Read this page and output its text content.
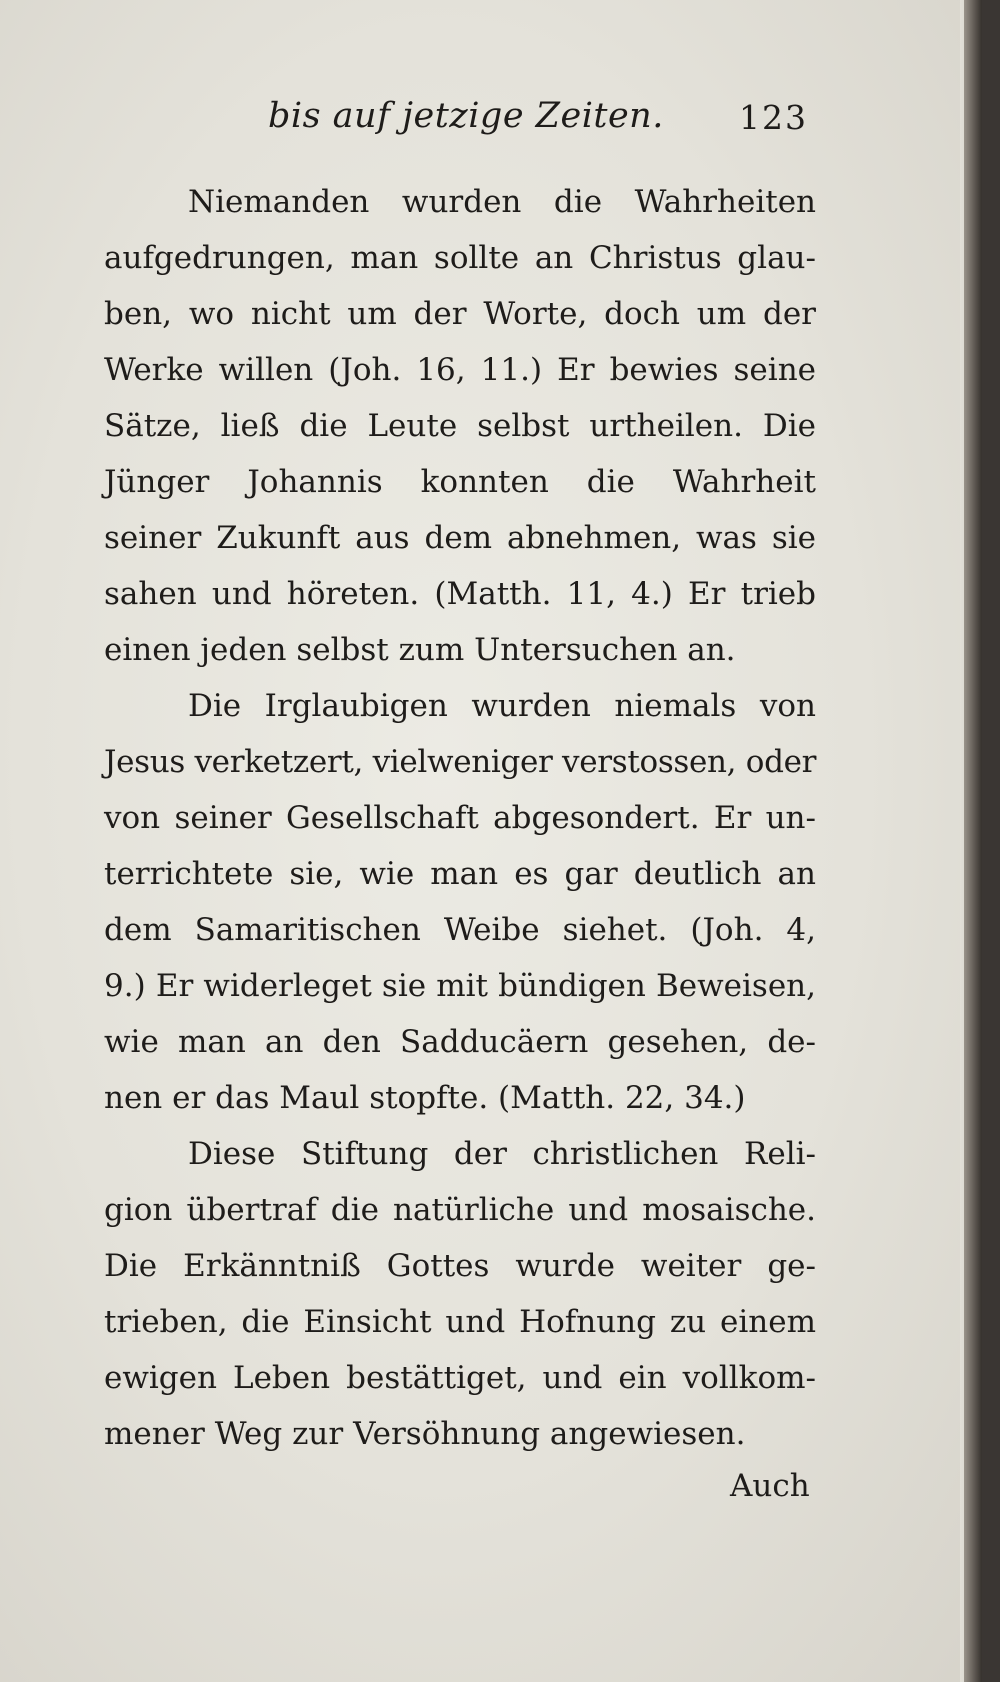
bis auf jetzige Zeiten. 123
Niemanden wurden die Wahrheiten
aufgedrungen, man sollte an Christus glau-
ben, wo nicht um der Worte, doch um der
Werke willen (Joh. 16, 11.) Er bewies seine
Sätze, ließ die Leute selbst urtheilen. Die
Jünger Johannis konnten die Wahrheit
seiner Zukunft aus dem abnehmen, was sie
sahen und höreten. (Matth. 11, 4.) Er trieb
einen jeden selbst zum Untersuchen an.
Die Irglaubigen wurden niemals von
Jesus verketzert, vielweniger verstossen, oder
von seiner Gesellschaft abgesondert. Er un-
terrichtete sie, wie man es gar deutlich an
dem Samaritischen Weibe siehet. (Joh. 4,
9.) Er widerleget sie mit bündigen Beweisen,
wie man an den Sadducäern gesehen, de-
nen er das Maul stopfte. (Matth. 22, 34.)
Diese Stiftung der christlichen Reli-
gion übertraf die natürliche und mosaische.
Die Erkänntniß Gottes wurde weiter ge-
trieben, die Einsicht und Hofnung zu einem
ewigen Leben bestättiget, und ein vollkom-
mener Weg zur Versöhnung angewiesen.
Auch
